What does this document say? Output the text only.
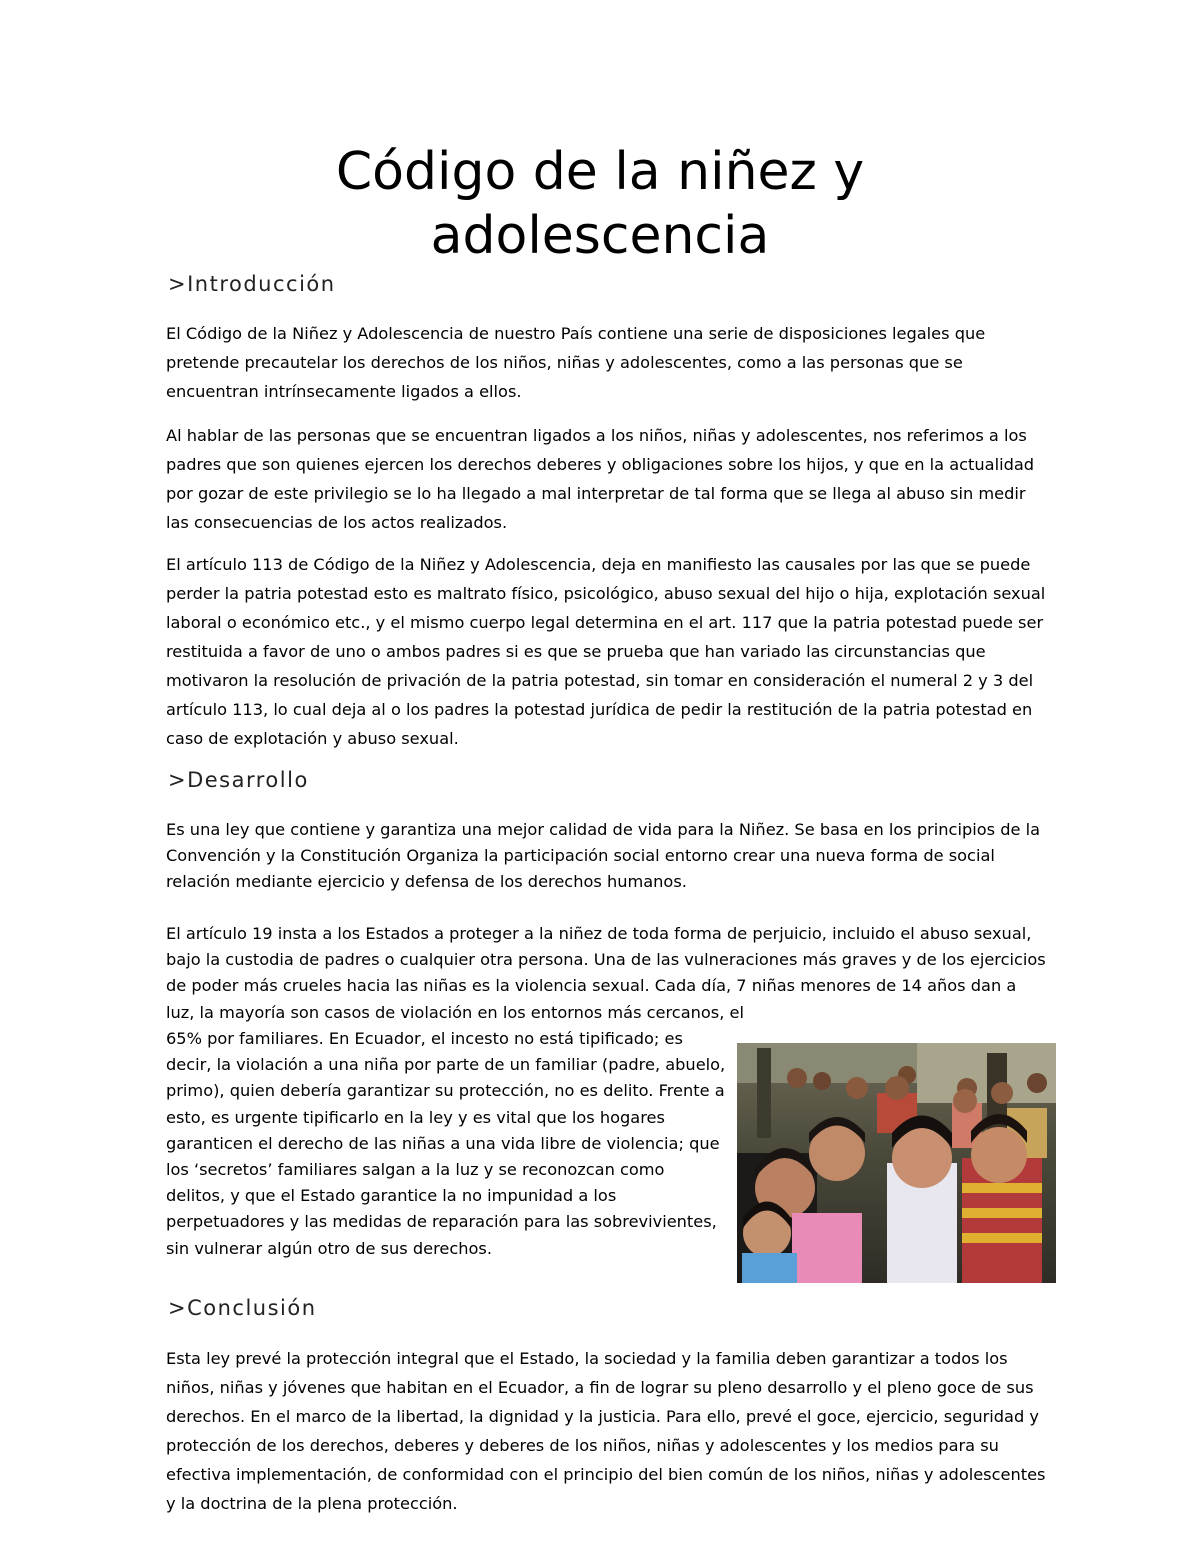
Código de la niñez y adolescencia
>Introducción

El Código de la Niñez y Adolescencia de nuestro País contiene una serie de disposiciones legales que pretende precautelar los derechos de los niños, niñas y adolescentes, como a las personas que se encuentran intrínsecamente ligados a ellos.

Al hablar de las personas que se encuentran ligados a los niños, niñas y adolescentes, nos referimos a los padres que son quienes ejercen los derechos deberes y obligaciones sobre los hijos, y que en la actualidad por gozar de este privilegio se lo ha llegado a mal interpretar de tal forma que se llega al abuso sin medir las consecuencias de los actos realizados.

El artículo 113 de Código de la Niñez y Adolescencia, deja en manifiesto las causales por las que se puede perder la patria potestad esto es maltrato físico, psicológico, abuso sexual del hijo o hija, explotación sexual laboral o económico etc., y el mismo cuerpo legal determina en el art. 117 que la patria potestad puede ser restituida a favor de uno o ambos padres si es que se prueba que han variado las circunstancias que motivaron la resolución de privación de la patria potestad, sin tomar en consideración el numeral 2 y 3 del artículo 113, lo cual deja al o los padres la potestad jurídica de pedir la restitución de la patria potestad en caso de explotación y abuso sexual.

>Desarrollo

Es una ley que contiene y garantiza una mejor calidad de vida para la Niñez. Se basa en los principios de la Convención y la Constitución Organiza la participación social entorno crear una nueva forma de social relación mediante ejercicio y defensa de los derechos humanos.

El artículo 19 insta a los Estados a proteger a la niñez de toda forma de perjuicio, incluido el abuso sexual, bajo la custodia de padres o cualquier otra persona. Una de las vulneraciones más graves y de los ejercicios de poder más crueles hacia las niñas es la violencia sexual. Cada día, 7 niñas menores de 14 años dan a luz, la mayoría son casos de violación en los entornos más cercanos, el

65% por familiares. En Ecuador, el incesto no está tipificado; es decir, la violación a una niña por parte de un familiar (padre, abuelo, primo), quien debería garantizar su protección, no es delito. Frente a esto, es urgente tipificarlo en la ley y es vital que los hogares garanticen el derecho de las niñas a una vida libre de violencia; que los ‘secretos’ familiares salgan a la luz y se reconozcan como delitos, y que el Estado garantice la no impunidad a los perpetuadores y las medidas de reparación para las sobrevivientes, sin vulnerar algún otro de sus derechos.

>Conclusión

Esta ley prevé la protección integral que el Estado, la sociedad y la familia deben garantizar a todos los niños, niñas y jóvenes que habitan en el Ecuador, a fin de lograr su pleno desarrollo y el pleno goce de sus derechos. En el marco de la libertad, la dignidad y la justicia. Para ello, prevé el goce, ejercicio, seguridad y protección de los derechos, deberes y deberes de los niños, niñas y adolescentes y los medios para su efectiva implementación, de conformidad con el principio del bien común de los niños, niñas y adolescentes y la doctrina de la plena protección.
